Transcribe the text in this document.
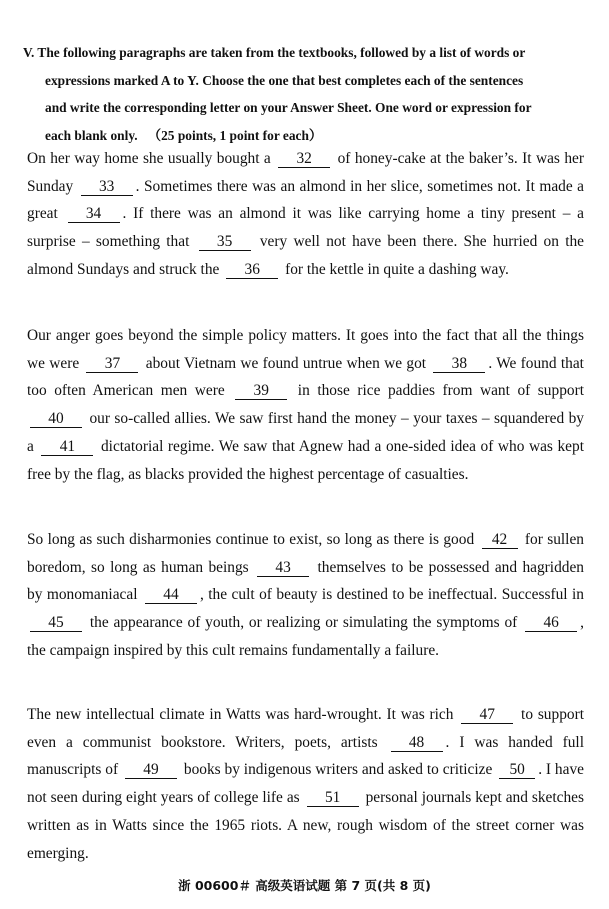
V. The following paragraphs are taken from the textbooks, followed by a list of words or
expressions marked A to Y. Choose the one that best completes each of the sentences
and write the corresponding letter on your Answer Sheet. One word or expression for
each blank only. （25 points, 1 point for each）

On her way home she usually bought a 32 of honey-cake at the baker’s. It was her Sunday 33 . Sometimes there was an almond in her slice, sometimes not. It made a great 34 . If there was an almond it was like carrying home a tiny present – a surprise – something that 35 very well not have been there. She hurried on the almond Sundays and struck the 36 for the kettle in quite a dashing way.

Our anger goes beyond the simple policy matters. It goes into the fact that all the things we were 37 about Vietnam we found untrue when we got 38 . We found that too often American men were 39 in those rice paddies from want of support 40 our so-called allies. We saw first hand the money – your taxes – squandered by a 41 dictatorial regime. We saw that Agnew had a one-sided idea of who was kept free by the flag, as blacks provided the highest percentage of casualties.

So long as such disharmonies continue to exist, so long as there is good 42 for sullen boredom, so long as human beings 43 themselves to be possessed and hagridden by monomaniacal 44 , the cult of beauty is destined to be ineffectual. Successful in 45 the appearance of youth, or realizing or simulating the symptoms of 46 , the campaign inspired by this cult remains fundamentally a failure.

The new intellectual climate in Watts was hard-wrought. It was rich 47 to support even a communist bookstore. Writers, poets, artists 48 . I was handed full manuscripts of 49 books by indigenous writers and asked to criticize 50 . I have not seen during eight years of college life as 51 personal journals kept and sketches written as in Watts since the 1965 riots. A new, rough wisdom of the street corner was emerging.

浙 00600＃ 高级英语试题 第 7 页(共 8 页)
